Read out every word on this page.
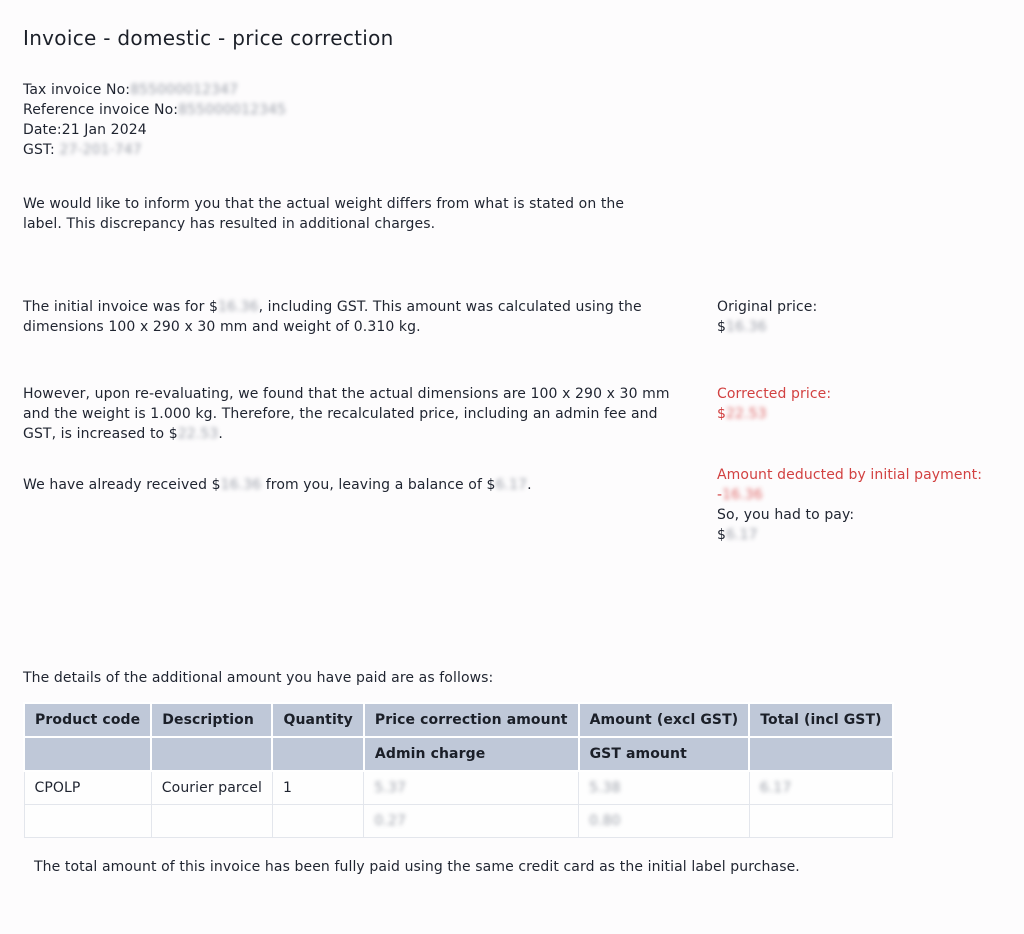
Invoice - domestic - price correction
Tax invoice No:855000012347
Reference invoice No:855000012345
Date:21 Jan 2024
GST: 27-201-747

We would like to inform you that the actual weight differs from what is stated on the label. This discrepancy has resulted in additional charges.

The initial invoice was for $16.36, including GST. This amount was calculated using the dimensions 100 x 290 x 30 mm and weight of 0.310 kg.

However, upon re-evaluating, we found that the actual dimensions are 100 x 290 x 30 mm and the weight is 1.000 kg. Therefore, the recalculated price, including an admin fee and GST, is increased to $22.53.

We have already received $16.36 from you, leaving a balance of $6.17.

Original price:
$16.36
Corrected price:
$22.53
Amount deducted by initial payment:
-16.36
So, you had to pay:
$6.17

The details of the additional amount you have paid are as follows:

Product code	Description	Quantity	Price correction amount	Amount (excl GST)	Total (incl GST)
			Admin charge	GST amount	
CPOLP	Courier parcel	1	5.37	5.38	6.17
			0.27	0.80	
The total amount of this invoice has been fully paid using the same credit card as the initial label purchase.
